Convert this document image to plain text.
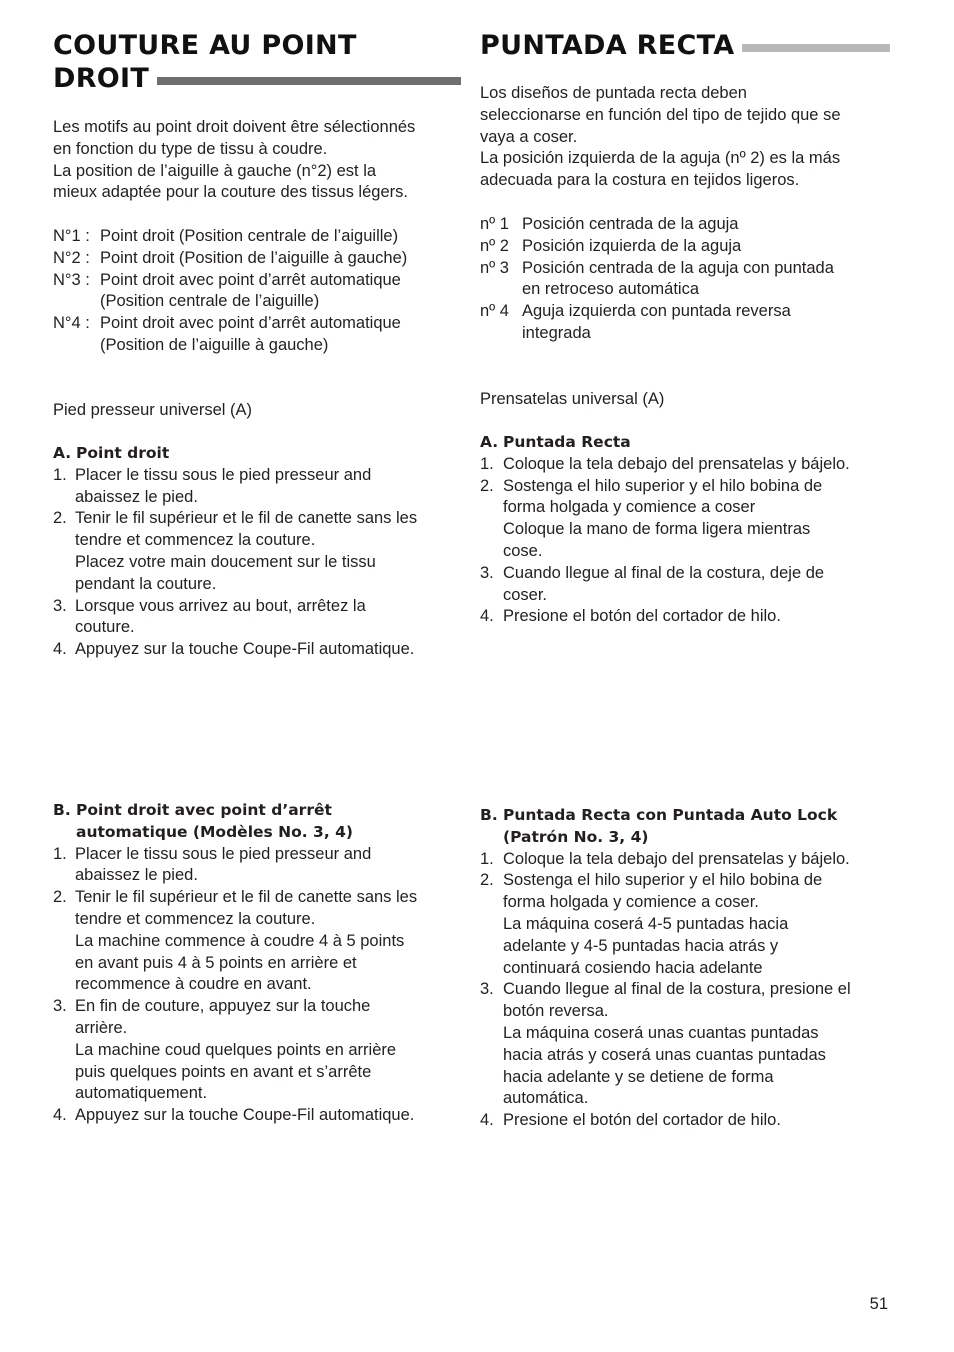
COUTURE AU POINT
DROIT
Les motifs au point droit doivent être sélectionnés
en fonction du type de tissu à coudre.
La position de l’aiguille à gauche (n°2) est la
mieux adaptée pour la couture des tissus légers.
N°1 : Point droit (Position centrale de l’aiguille)
N°2 : Point droit (Position de l’aiguille à gauche)
N°3 : Point droit avec point d’arrêt automatique
(Position centrale de l’aiguille)
N°4 : Point droit avec point d’arrêt automatique
(Position de l’aiguille à gauche)

Pied presseur universel (A)

A. Point droit
1. Placer le tissu sous le pied presseur and
abaissez le pied.
2. Tenir le fil supérieur et le fil de canette sans les
tendre et commencez la couture.
Placez votre main doucement sur le tissu
pendant la couture.
3. Lorsque vous arrivez au bout, arrêtez la
couture.
4. Appuyez sur la touche Coupe-Fil automatique.
B. Point droit avec point d’arrêt
automatique (Modèles No. 3, 4)
1. Placer le tissu sous le pied presseur and
abaissez le pied.
2. Tenir le fil supérieur et le fil de canette sans les
tendre et commencez la couture.
La machine commence à coudre 4 à 5 points
en avant puis 4 à 5 points en arrière et
recommence à coudre en avant.
3. En fin de couture, appuyez sur la touche
arrière.
La machine coud quelques points en arrière
puis quelques points en avant et s’arrête
automatiquement.
4. Appuyez sur la touche Coupe-Fil automatique.
PUNTADA RECTA
Los diseños de puntada recta deben
seleccionarse en función del tipo de tejido que se
vaya a coser.
La posición izquierda de la aguja (nº 2) es la más
adecuada para la costura en tejidos ligeros.
nº 1 Posición centrada de la aguja
nº 2 Posición izquierda de la aguja
nº 3 Posición centrada de la aguja con puntada
en retroceso automática
nº 4 Aguja izquierda con puntada reversa
integrada

Prensatelas universal (A)

A. Puntada Recta
1. Coloque la tela debajo del prensatelas y bájelo.
2. Sostenga el hilo superior y el hilo bobina de
forma holgada y comience a coser
Coloque la mano de forma ligera mientras
cose.
3. Cuando llegue al final de la costura, deje de
coser.
4. Presione el botón del cortador de hilo.
B. Puntada Recta con Puntada Auto Lock
(Patrón No. 3, 4)
1. Coloque la tela debajo del prensatelas y bájelo.
2. Sostenga el hilo superior y el hilo bobina de
forma holgada y comience a coser.
La máquina coserá 4-5 puntadas hacia
adelante y 4-5 puntadas hacia atrás y
continuará cosiendo hacia adelante
3. Cuando llegue al final de la costura, presione el
botón reversa.
La máquina coserá unas cuantas puntadas
hacia atrás y coserá unas cuantas puntadas
hacia adelante y se detiene de forma
automática.
4. Presione el botón del cortador de hilo.
51
